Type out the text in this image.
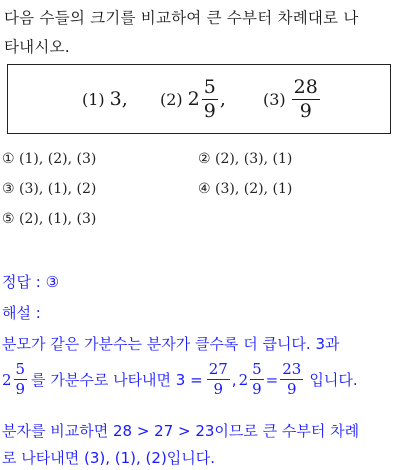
다음 수들의 크기를 비교하여 큰 수부터 차례대로 나
타내시오.
(1) 3, (2) $2 \frac{5}{9}$ , $(3) \frac{28}{9}$
① (1), (2), (3)	② (2), (3), (1)
③ (3), (1), (2)	④ (3), (2), (1)
⑤ (2), (1), (3)
정답 : ③
해설 :
분모가 같은 가분수는 분자가 클수록 더 큽니다. 3과
$2 \frac{5}{9}$ 를 가분수로 나타내면 $3 = \frac{27}{9}$ , $2 \frac{5}{9} = \frac{23}{9}$ 입니다.
분자를 비교하면 28 > 27 > 23이므로 큰 수부터 차례
로 나타내면 (3), (1), (2)입니다.
